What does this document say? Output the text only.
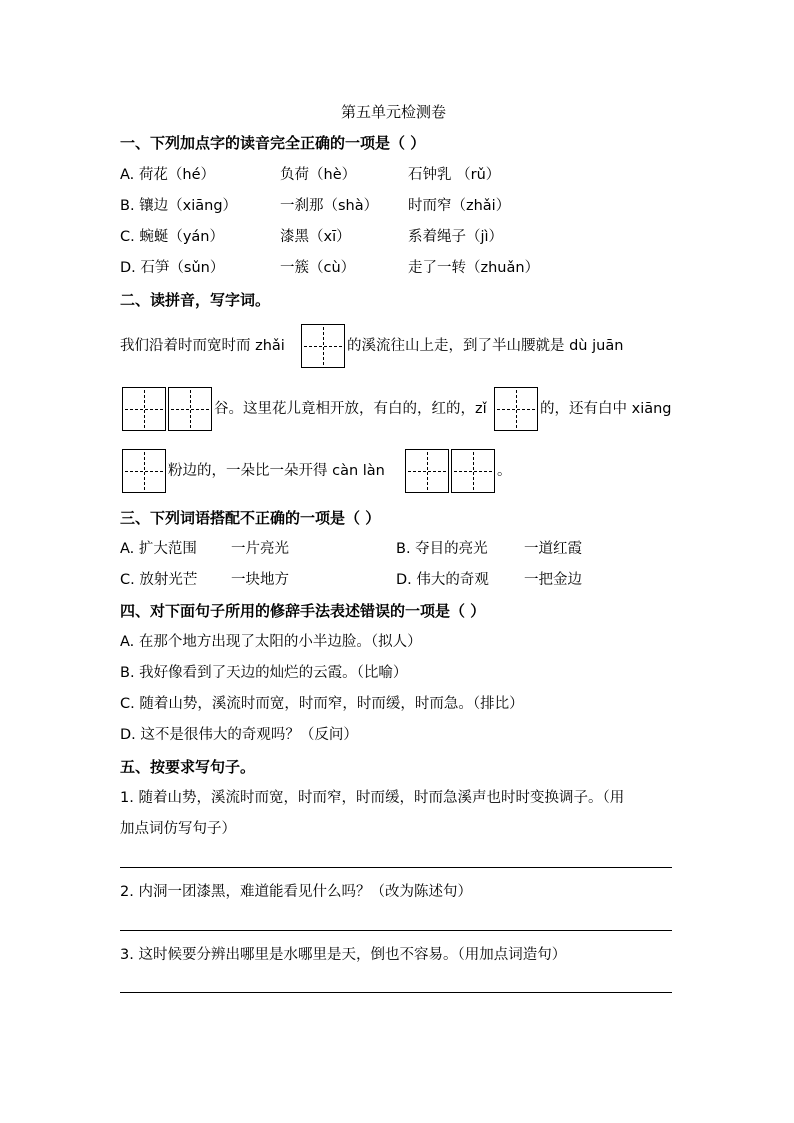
第五单元检测卷
一、下列加点字的读音完全正确的一项是（ ）
A. 荷花（hé）	负荷（hè）	石钟乳 （rǔ）
B. 镶边（xiāng）	一刹那（shà） 时而窄（zhǎi）
C. 蜿蜒（yán）	漆黑（xī）	系着绳子（jì）
D. 石笋（sǔn）	一簇（cù）	走了一转（zhuǎn）
二、读拼音，写字词。
我们沿着时而宽时而 zhǎi	的溪流往山上走，到了半山腰就是 dù juān
谷。这里花儿竟相开放，有白的，红的，zǐ	的，还有白中 xiāng
粉边的，一朵比一朵开得 càn làn	。
三、下列词语搭配不正确的一项是（ ）
A. 扩大范围 一片亮光	B. 夺目的亮光	一道红霞
C. 放射光芒 一块地方	D. 伟大的奇观 一把金边
四、对下面句子所用的修辞手法表述错误的一项是（ ）
A. 在那个地方出现了太阳的小半边脸。（拟人）
B. 我好像看到了天边的灿烂的云霞。（比喻）
C. 随着山势，溪流时而宽，时而窄，时而缓，时而急。（排比）
D. 这不是很伟大的奇观吗？（反问）
五、按要求写句子。
1. 随着山势，溪流时而宽，时而窄，时而缓，时而急溪声也时时变换调子。（用
加点词仿写句子）
2. 内洞一团漆黑，难道能看见什么吗？（改为陈述句）
3. 这时候要分辨出哪里是水哪里是天，倒也不容易。（用加点词造句）
